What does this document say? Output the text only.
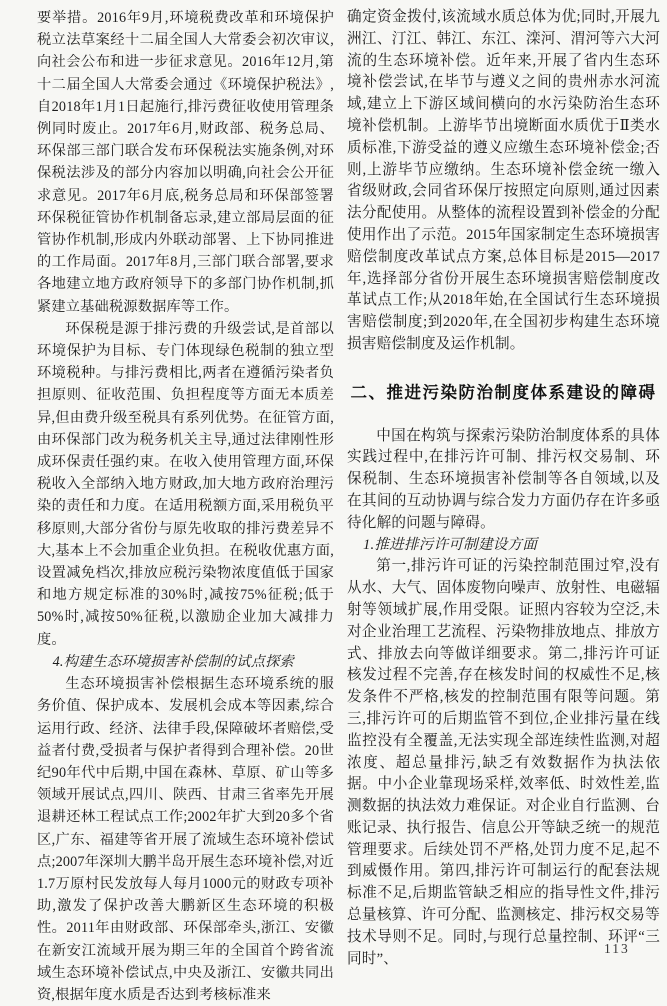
要举措。2016年9月,环境税费改革和环境保护税立法草案经十二届全国人大常委会初次审议,向社会公布和进一步征求意见。2016年12月,第十二届全国人大常委会通过《环境保护税法》,自2018年1月1日起施行,排污费征收使用管理条例同时废止。2017年6月,财政部、税务总局、环保部三部门联合发布环保税法实施条例,对环保税法涉及的部分内容加以明确,向社会公开征求意见。2017年6月底,税务总局和环保部签署环保税征管协作机制备忘录,建立部局层面的征管协作机制,形成内外联动部署、上下协同推进的工作局面。2017年8月,三部门联合部署,要求各地建立地方政府领导下的多部门协作机制,抓紧建立基础税源数据库等工作。

环保税是源于排污费的升级尝试,是首部以环境保护为目标、专门体现绿色税制的独立型环境税种。与排污费相比,两者在遵循污染者负担原则、征收范围、负担程度等方面无本质差异,但由费升级至税具有系列优势。在征管方面,由环保部门改为税务机关主导,通过法律刚性形成环保责任强约束。在收入使用管理方面,环保税收入全部纳入地方财政,加大地方政府治理污染的责任和力度。在适用税额方面,采用税负平移原则,大部分省份与原先收取的排污费差异不大,基本上不会加重企业负担。在税收优惠方面,设置减免档次,排放应税污染物浓度值低于国家和地方规定标准的30%时,减按75%征税;低于50%时,减按50%征税,以激励企业加大减排力度。

4.构建生态环境损害补偿制的试点探索

生态环境损害补偿根据生态环境系统的服务价值、保护成本、发展机会成本等因素,综合运用行政、经济、法律手段,保障破坏者赔偿,受益者付费,受损者与保护者得到合理补偿。20世纪90年代中后期,中国在森林、草原、矿山等多领域开展试点,四川、陕西、甘肃三省率先开展退耕还林工程试点工作;2002年扩大到20多个省区,广东、福建等省开展了流域生态环境补偿试点;2007年深圳大鹏半岛开展生态环境补偿,对近1.7万原村民发放每人每月1000元的财政专项补助,激发了保护改善大鹏新区生态环境的积极性。2011年由财政部、环保部牵头,浙江、安徽在新安江流域开展为期三年的全国首个跨省流域生态环境补偿试点,中央及浙江、安徽共同出资,根据年度水质是否达到考核标准来

确定资金拨付,该流域水质总体为优;同时,开展九洲江、汀江、韩江、东江、滦河、渭河等六大河流的生态环境补偿。近年来,开展了省内生态环境补偿尝试,在毕节与遵义之间的贵州赤水河流域,建立上下游区域间横向的水污染防治生态环境补偿机制。上游毕节出境断面水质优于Ⅱ类水质标准,下游受益的遵义应缴生态环境补偿金;否则,上游毕节应缴纳。生态环境补偿金统一缴入省级财政,会同省环保厅按照定向原则,通过因素法分配使用。从整体的流程设置到补偿金的分配使用作出了示范。2015年国家制定生态环境损害赔偿制度改革试点方案,总体目标是2015—2017年,选择部分省份开展生态环境损害赔偿制度改革试点工作;从2018年始,在全国试行生态环境损害赔偿制度;到2020年,在全国初步构建生态环境损害赔偿制度及运作机制。

二、推进污染防治制度体系建设的障碍

中国在构筑与探索污染防治制度体系的具体实践过程中,在排污许可制、排污权交易制、环保税制、生态环境损害补偿制等各自领域,以及在其间的互动协调与综合发力方面仍存在许多亟待化解的问题与障碍。

1.推进排污许可制建设方面

第一,排污许可证的污染控制范围过窄,没有从水、大气、固体废物向噪声、放射性、电磁辐射等领域扩展,作用受限。证照内容较为空泛,未对企业治理工艺流程、污染物排放地点、排放方式、排放去向等做详细要求。第二,排污许可证核发过程不完善,存在核发时间的权威性不足,核发条件不严格,核发的控制范围有限等问题。第三,排污许可的后期监管不到位,企业排污量在线监控没有全覆盖,无法实现全部连续性监测,对超浓度、超总量排污,缺乏有效数据作为执法依据。中小企业靠现场采样,效率低、时效性差,监测数据的执法效力难保证。对企业自行监测、台账记录、执行报告、信息公开等缺乏统一的规范管理要求。后续处罚不严格,处罚力度不足,起不到威慑作用。第四,排污许可制运行的配套法规标准不足,后期监管缺乏相应的指导性文件,排污总量核算、许可分配、监测核定、排污权交易等技术导则不足。同时,与现行总量控制、环评“三同时”、

113
